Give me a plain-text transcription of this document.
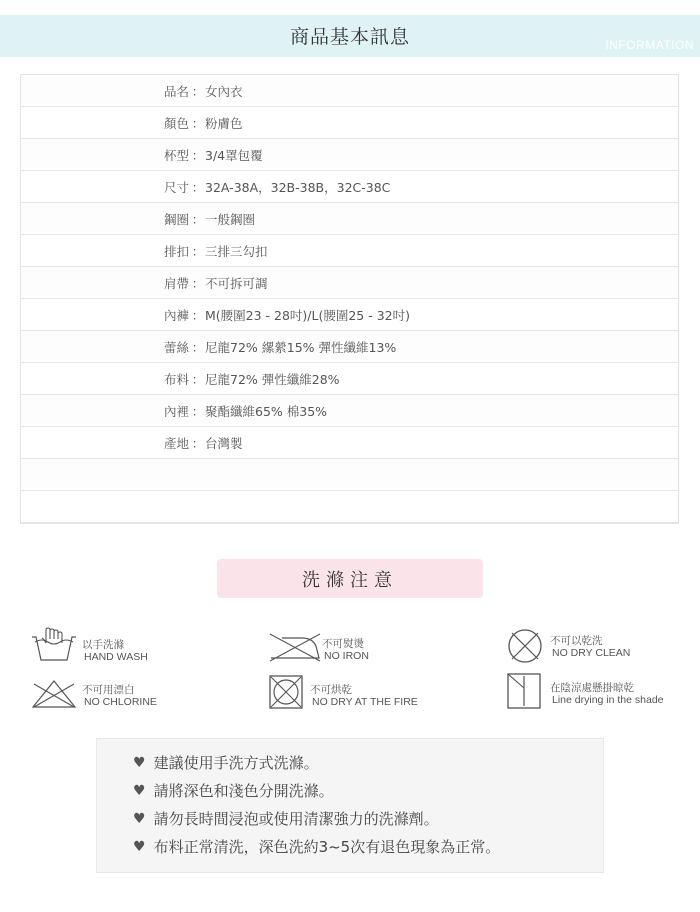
商品基本訊息	INFORMATION
品名 ： 女內衣
顏色 ： 粉膚色
杯型 ： 3/4罩包覆
尺寸 ： 32A-38A，32B-38B，32C-38C
鋼圈 ： 一般鋼圈
排扣 ： 三排三勾扣
肩帶 ： 不可拆可調
內褲 ： M(腰圍23 - 28吋)/L(腰圍25 - 32吋)
蕾絲 ： 尼龍72% 縲縈15% 彈性纖維13%
布料 ： 尼龍72% 彈性纖維28%
內裡 ： 聚酯纖維65% 棉35%
產地 ： 台灣製
洗滌注意
以手洗滌
HAND WASH
不可熨燙
NO IRON
不可以乾洗
NO DRY CLEAN
不可用漂白
NO CHLORINE
不可烘乾
NO DRY AT THE FIRE
在陰涼處懸掛晾乾
Line drying in the shade
♥ 建議使用手洗方式洗滌。
♥ 請將深色和淺色分開洗滌。
♥ 請勿長時間浸泡或使用清潔強力的洗滌劑。
♥ 布料正常清洗，深色洗約3~5次有退色現象為正常。
